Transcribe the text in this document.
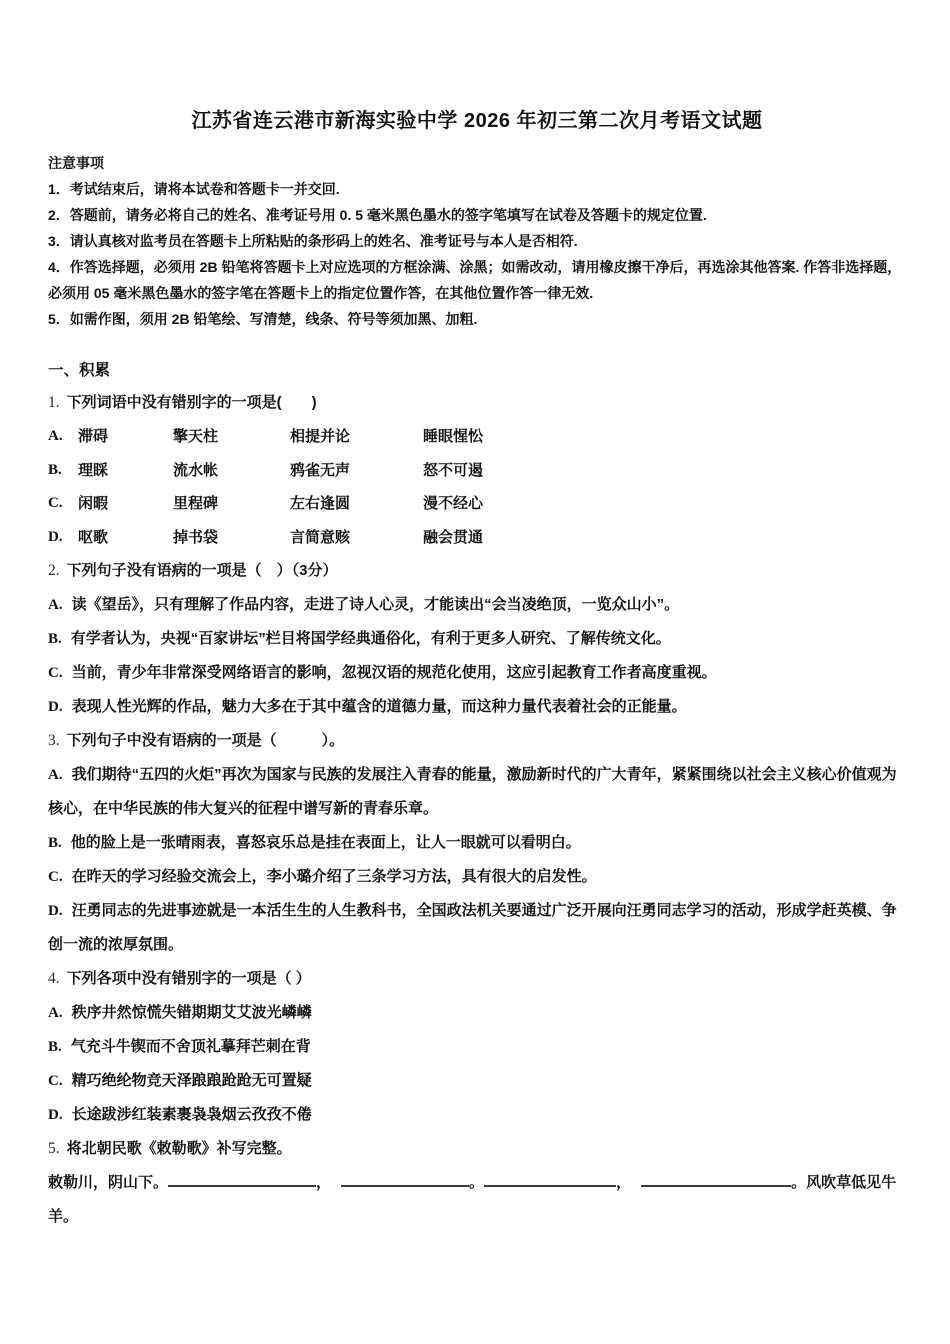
江苏省连云港市新海实验中学 2026 年初三第二次月考语文试题

注意事项

1．考试结束后，请将本试卷和答题卡一并交回.

2．答题前，请务必将自己的姓名、准考证号用 0. 5 毫米黑色墨水的签字笔填写在试卷及答题卡的规定位置.

3．请认真核对监考员在答题卡上所粘贴的条形码上的姓名、准考证号与本人是否相符.

4．作答选择题，必须用 2B 铅笔将答题卡上对应选项的方框涂满、涂黑；如需改动，请用橡皮擦干净后，再选涂其他答案. 作答非选择题，必须用 05 毫米黑色墨水的签字笔在答题卡上的指定位置作答，在其他位置作答一律无效.

5．如需作图，须用 2B 铅笔绘、写清楚，线条、符号等须加黑、加粗.

一、积累

1. 下列词语中没有错别字的一项是(　　)

A.	滞碍	擎天柱	相提并论	睡眼惺忪
B.	理睬	流水帐	鸦雀无声	怒不可遏
C.	闲暇	里程碑	左右逢圆	漫不经心
D.	呕歌	掉书袋	言简意赅	融会贯通

2. 下列句子没有语病的一项是（　）（3分）

A. 读《望岳》，只有理解了作品内容，走进了诗人心灵，才能读出“会当凌绝顶，一览众山小”。

B. 有学者认为，央视“百家讲坛”栏目将国学经典通俗化，有利于更多人研究、了解传统文化。

C. 当前，青少年非常深受网络语言的影响，忽视汉语的规范化使用，这应引起教育工作者高度重视。

D. 表现人性光辉的作品，魅力大多在于其中蕴含的道德力量，而这种力量代表着社会的正能量。

3. 下列句子中没有语病的一项是（　　　）。

A. 我们期待“五四的火炬”再次为国家与民族的发展注入青春的能量，激励新时代的广大青年，紧紧围绕以社会主义核心价值观为核心，在中华民族的伟大复兴的征程中谱写新的青春乐章。

B. 他的脸上是一张晴雨表，喜怒哀乐总是挂在表面上，让人一眼就可以看明白。

C. 在昨天的学习经验交流会上，李小璐介绍了三条学习方法，具有很大的启发性。

D. 汪勇同志的先进事迹就是一本活生生的人生教科书，全国政法机关要通过广泛开展向汪勇同志学习的活动，形成学赶英模、争创一流的浓厚氛围。

4. 下列各项中没有错别字的一项是（ ）

A. 秩序井然惊慌失错期期艾艾波光嶙嶙

B. 气充斗牛锲而不舍顶礼摹拜芒刺在背

C. 精巧绝纶物竞天泽踉踉跄跄无可置疑

D. 长途跋涉红装素裹袅袅烟云孜孜不倦

5. 将北朝民歌《敕勒歌》补写完整。

敕勒川，阴山下。	，	。	，	。风吹草低见牛羊。
